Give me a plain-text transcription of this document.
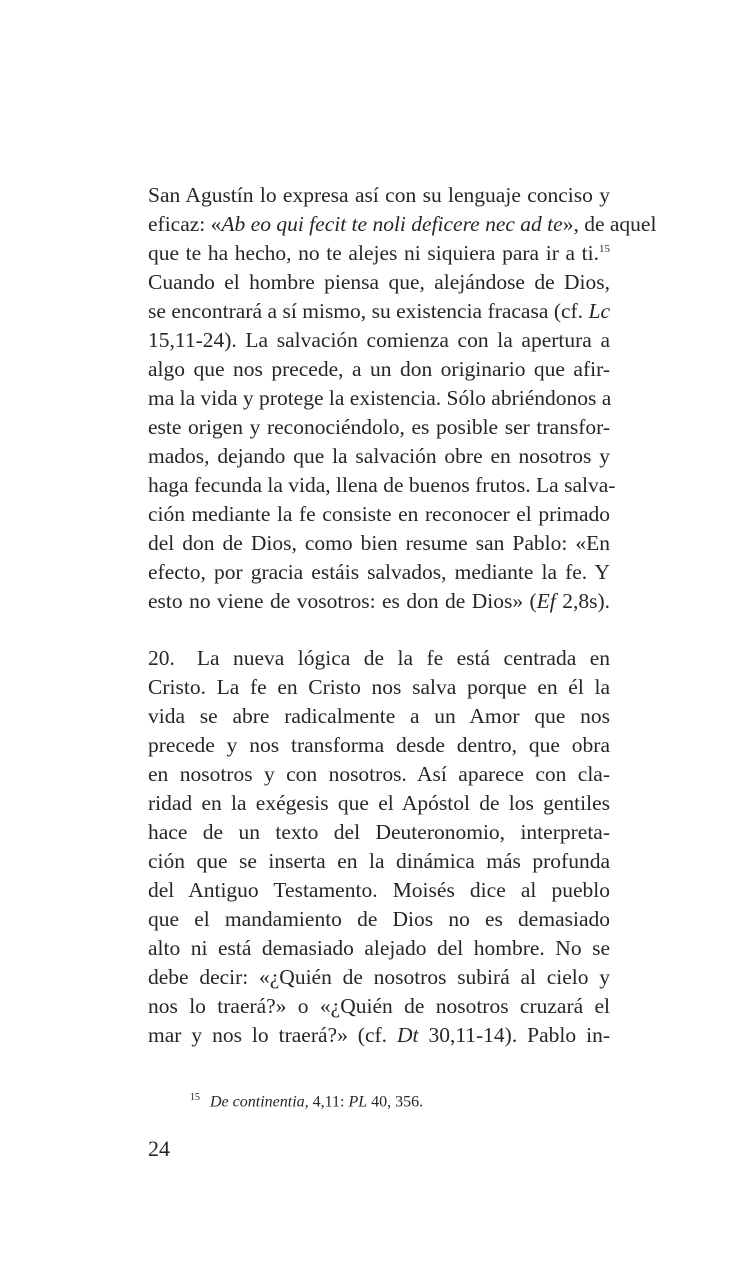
San Agustín lo expresa así con su lenguaje conciso y
eficaz: «Ab eo qui fecit te noli deficere nec ad te», de aquel
que te ha hecho, no te alejes ni siquiera para ir a ti.$^{15}$
Cuando el hombre piensa que, alejándose de Dios,
se encontrará a sí mismo, su existencia fracasa (cf. Lc
15,11-24). La salvación comienza con la apertura a
algo que nos precede, a un don originario que afir-
ma la vida y protege la existencia. Sólo abriéndonos a
este origen y reconociéndolo, es posible ser transfor-
mados, dejando que la salvación obre en nosotros y
haga fecunda la vida, llena de buenos frutos. La salva-
ción mediante la fe consiste en reconocer el primado
del don de Dios, como bien resume san Pablo: «En
efecto, por gracia estáis salvados, mediante la fe. Y
esto no viene de vosotros: es don de Dios» (Ef 2,8s).
20. La nueva lógica de la fe está centrada en
Cristo. La fe en Cristo nos salva porque en él la
vida se abre radicalmente a un Amor que nos
precede y nos transforma desde dentro, que obra
en nosotros y con nosotros. Así aparece con cla-
ridad en la exégesis que el Apóstol de los gentiles
hace de un texto del Deuteronomio, interpreta-
ción que se inserta en la dinámica más profunda
del Antiguo Testamento. Moisés dice al pueblo
que el mandamiento de Dios no es demasiado
alto ni está demasiado alejado del hombre. No se
debe decir: «¿Quién de nosotros subirá al cielo y
nos lo traerá?» o «¿Quién de nosotros cruzará el
mar y nos lo traerá?» (cf. Dt 30,11-14). Pablo in-
$^{15}$ De continentia, 4,11: PL 40, 356.
24
